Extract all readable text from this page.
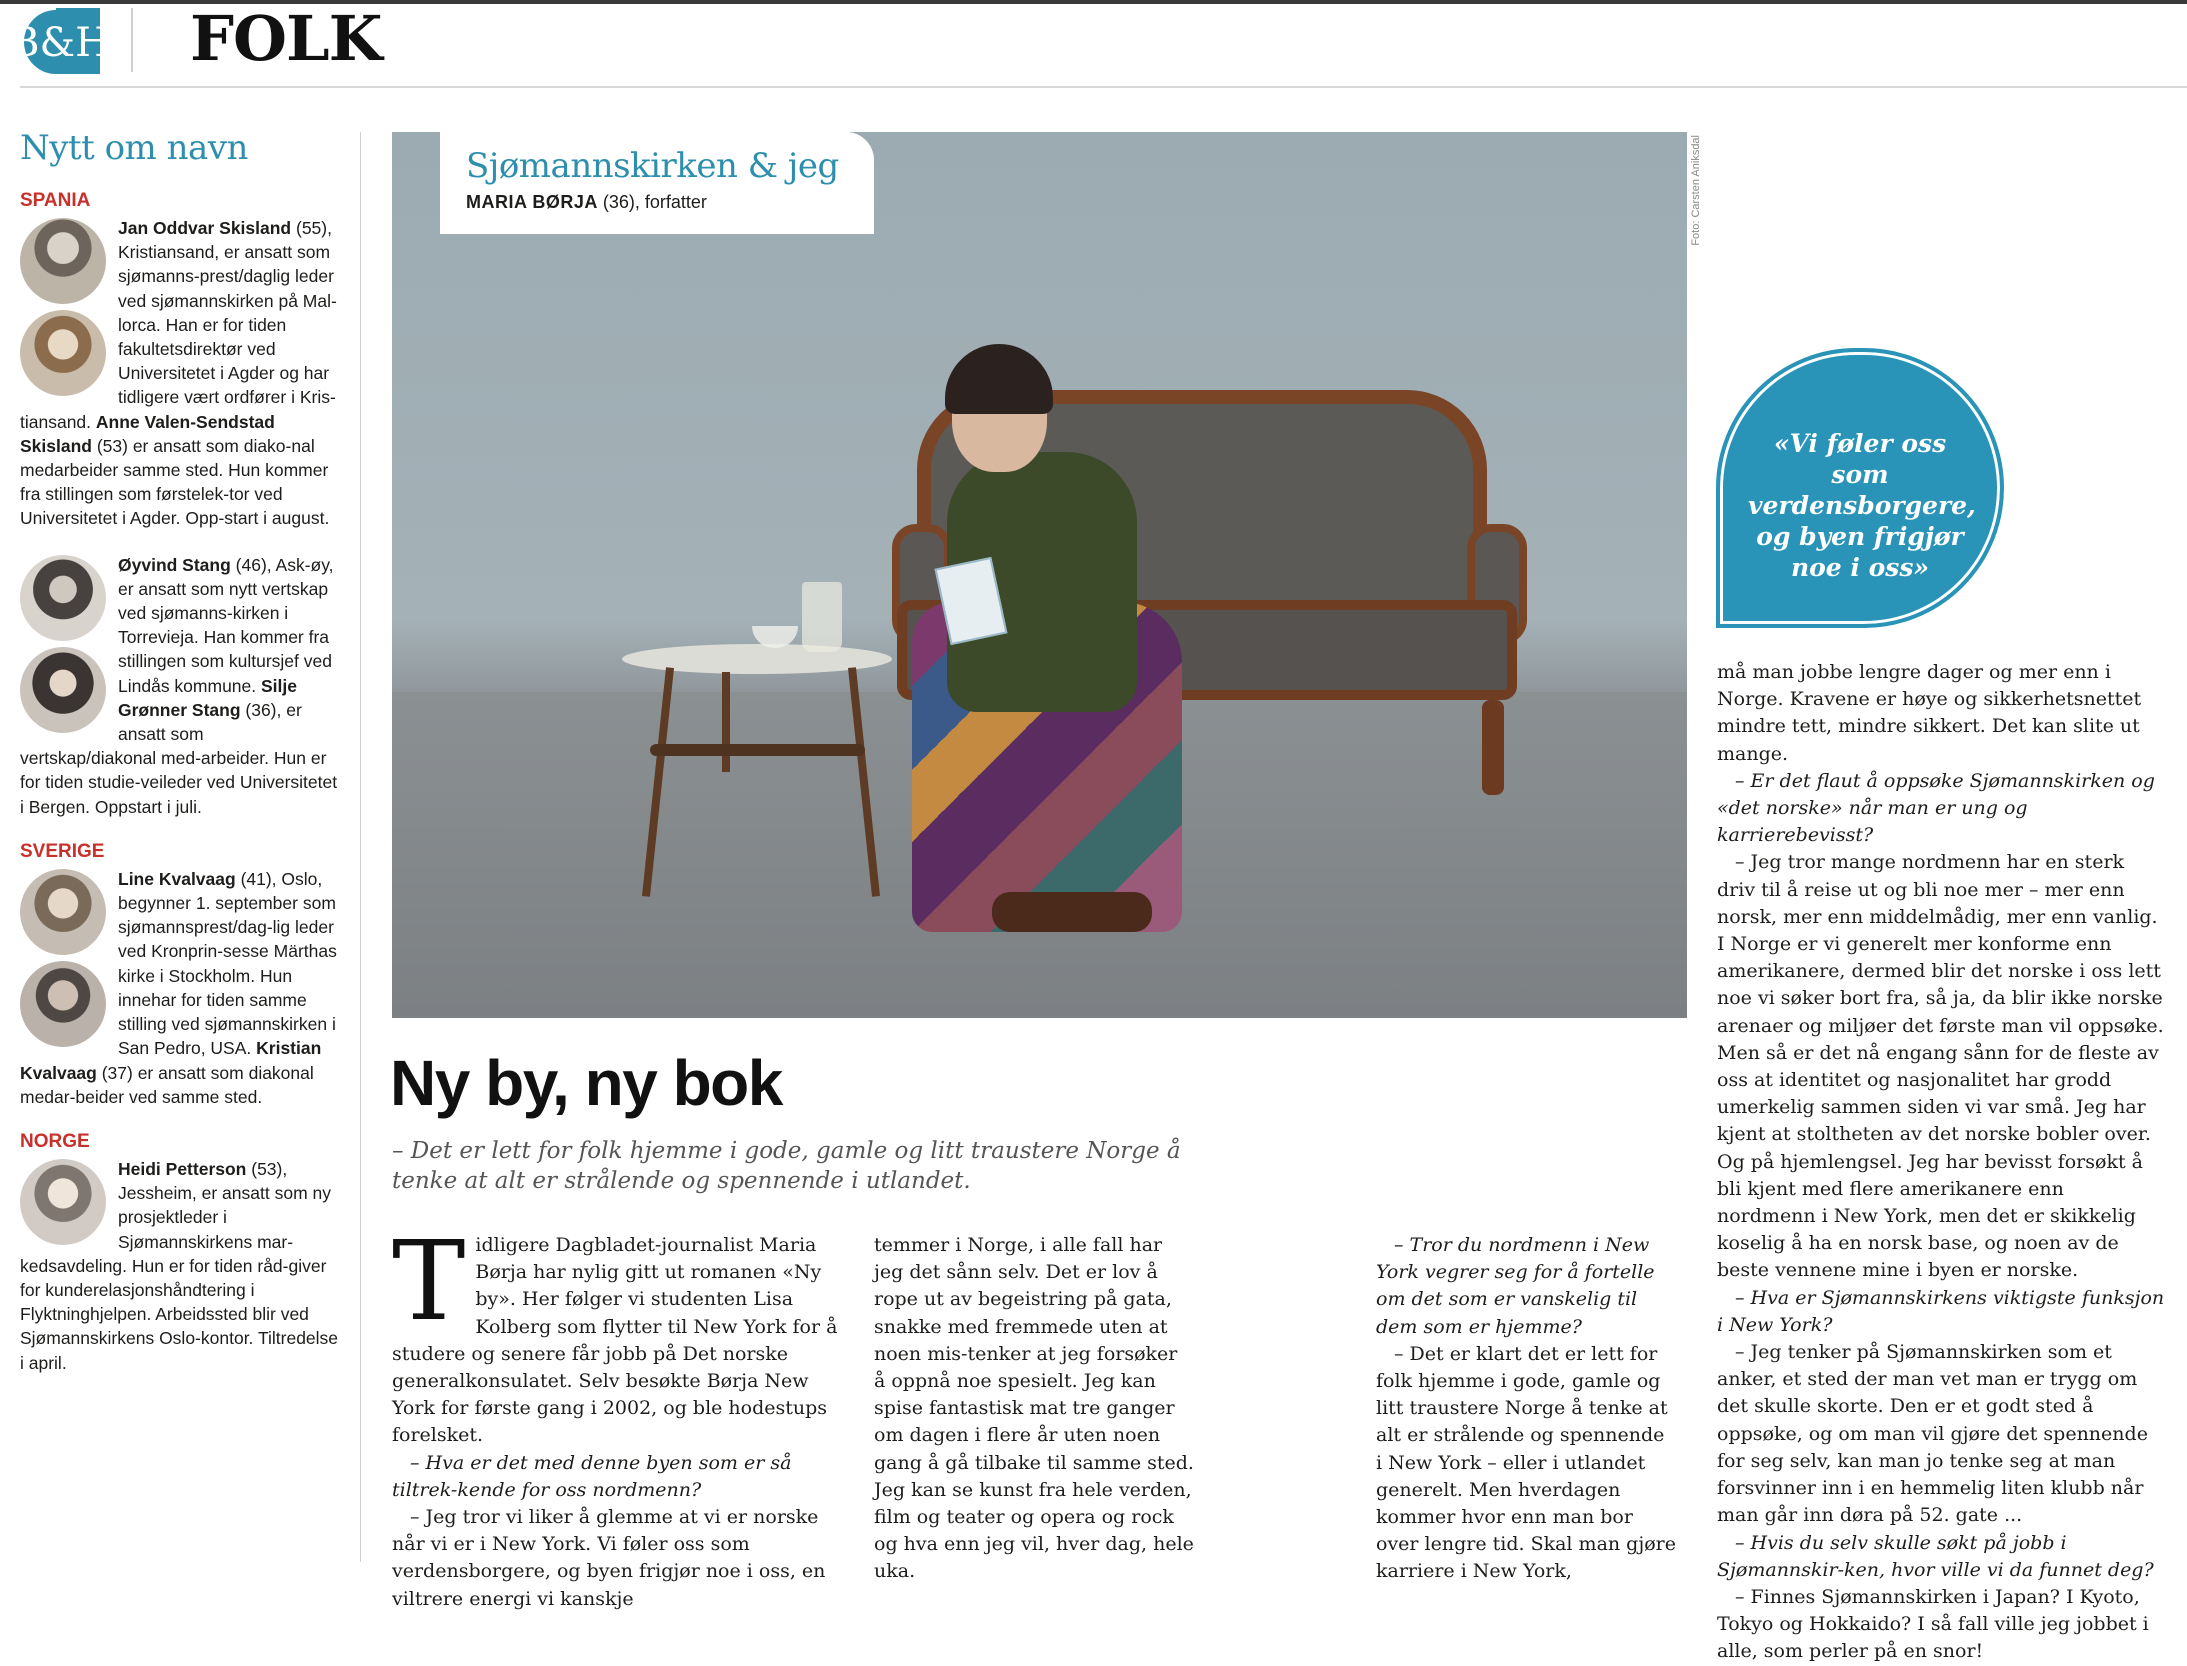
B&H FOLK
Nytt om navn
SPANIA
Jan Oddvar Skisland (55), Kristiansand, er ansatt som sjømanns-prest/daglig leder ved sjømannskirken på Mal-lorca. Han er for tiden fakultetsdirektør ved Universitetet i Agder og har tidligere vært ordfører i Kris-tiansand. Anne Valen-Sendstad Skisland (53) er ansatt som diako-nal medarbeider samme sted. Hun kommer fra stillingen som førstelek-tor ved Universitetet i Agder. Opp-start i august.
Øyvind Stang (46), Ask-øy, er ansatt som nytt vertskap ved sjømanns-kirken i Torrevieja. Han kommer fra stillingen som kultursjef ved Lindås kommune. Silje Grønner Stang (36), er ansatt som vertskap/diakonal med-arbeider. Hun er for tiden studie-veileder ved Universitetet i Bergen. Oppstart i juli.
SVERIGE
Line Kvalvaag (41), Oslo, begynner 1. september som sjømannsprest/dag-lig leder ved Kronprin-sesse Märthas kirke i Stockholm. Hun innehar for tiden samme stilling ved sjømannskirken i San Pedro, USA. Kristian Kvalvaag (37) er ansatt som diakonal medar-beider ved samme sted.
NORGE
Heidi Petterson (53), Jessheim, er ansatt som ny prosjektleder i Sjømannskirkens mar-kedsavdeling. Hun er for tiden råd-giver for kunderelasjonshåndtering i Flyktninghjelpen. Arbeidssted blir ved Sjømannskirkens Oslo-kontor. Tiltredelse i april.
Foto: Carsten Aniksdal
Sjømannskirken & jeg
MARIA BØRJA (36), forfatter
Ny by, ny bok
– Det er lett for folk hjemme i gode, gamle og litt traustere Norge å tenke at alt er strålende og spennende i utlandet.

Tidligere Dagbladet-journalist Maria Børja har nylig gitt ut romanen «Ny by». Her følger vi studenten Lisa Kolberg som flytter til New York for å studere og senere får jobb på Det norske generalkonsulatet. Selv besøkte Børja New York for første gang i 2002, og ble hodestups forelsket.

– Hva er det med denne byen som er så tiltrek-kende for oss nordmenn?

– Jeg tror vi liker å glemme at vi er norske når vi er i New York. Vi føler oss som verdensborgere, og byen frigjør noe i oss, en viltrere energi vi kanskje

temmer i Norge, i alle fall har jeg det sånn selv. Det er lov å rope ut av begeistring på gata, snakke med fremmede uten at noen mis-tenker at jeg forsøker å oppnå noe spesielt. Jeg kan spise fantastisk mat tre ganger om dagen i flere år uten noen gang å gå tilbake til samme sted. Jeg kan se kunst fra hele verden, film og teater og opera og rock og hva enn jeg vil, hver dag, hele uka.

– Tror du nordmenn i New York vegrer seg for å fortelle om det som er vanskelig til dem som er hjemme?

– Det er klart det er lett for folk hjemme i gode, gamle og litt traustere Norge å tenke at alt er strålende og spennende i New York – eller i utlandet generelt. Men hverdagen kommer hvor enn man bor over lengre tid. Skal man gjøre karriere i New York,

må man jobbe lengre dager og mer enn i Norge. Kravene er høye og sikkerhetsnettet mindre tett, mindre sikkert. Det kan slite ut mange.

– Er det flaut å oppsøke Sjømannskirken og «det norske» når man er ung og karrierebevisst?

– Jeg tror mange nordmenn har en sterk driv til å reise ut og bli noe mer – mer enn norsk, mer enn middelmådig, mer enn vanlig. I Norge er vi generelt mer konforme enn amerikanere, dermed blir det norske i oss lett noe vi søker bort fra, så ja, da blir ikke norske arenaer og miljøer det første man vil oppsøke. Men så er det nå engang sånn for de fleste av oss at identitet og nasjonalitet har grodd umerkelig sammen siden vi var små. Jeg har kjent at stoltheten av det norske bobler over. Og på hjemlengsel. Jeg har bevisst forsøkt å bli kjent med flere amerikanere enn nordmenn i New York, men det er skikkelig koselig å ha en norsk base, og noen av de beste vennene mine i byen er norske.

– Hva er Sjømannskirkens viktigste funksjon i New York?

– Jeg tenker på Sjømannskirken som et anker, et sted der man vet man er trygg om det skulle skorte. Den er et godt sted å oppsøke, og om man vil gjøre det spennende for seg selv, kan man jo tenke seg at man forsvinner inn i en hemmelig liten klubb når man går inn døra på 52. gate ...

– Hvis du selv skulle søkt på jobb i Sjømannskir-ken, hvor ville vi da funnet deg?

– Finnes Sjømannskirken i Japan? I Kyoto, Tokyo og Hokkaido? I så fall ville jeg jobbet i alle, som perler på en snor!

«Vi føler oss som verdensborgere, og byen frigjør noe i oss»
